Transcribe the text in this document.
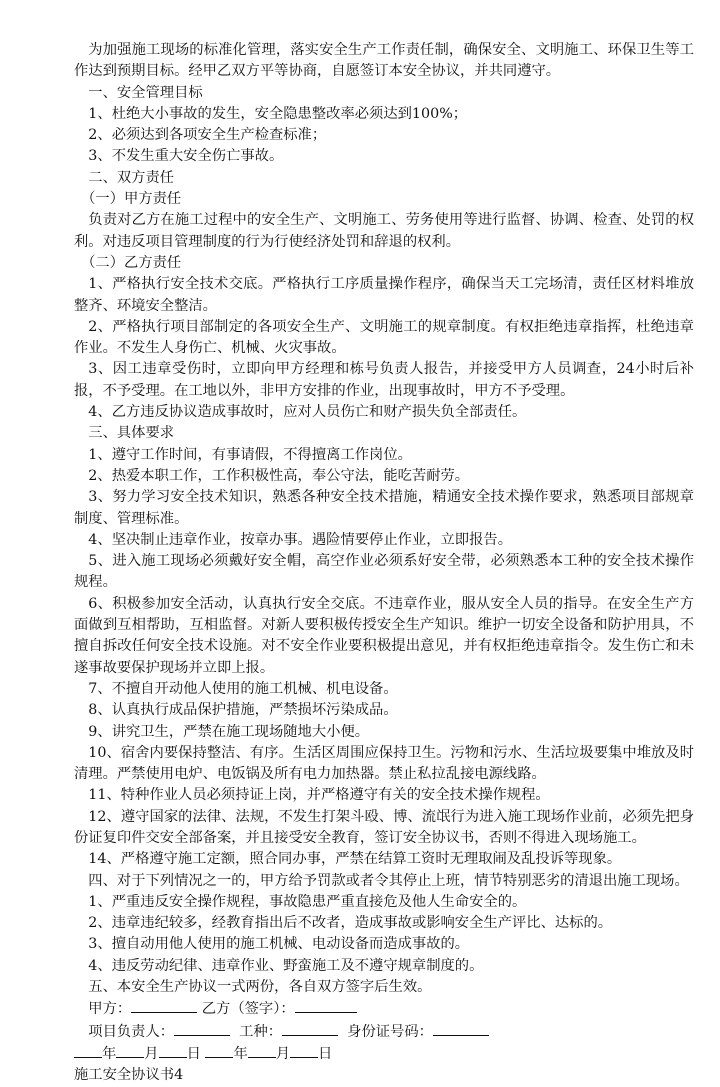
为加强施工现场的标准化管理，落实安全生产工作责任制，确保安全、文明施工、环保卫生等工作达到预期目标。经甲乙双方平等协商，自愿签订本安全协议，并共同遵守。

一、安全管理目标

1、杜绝大小事故的发生，安全隐患整改率必须达到100%；

2、必须达到各项安全生产检查标准；

3、不发生重大安全伤亡事故。

二、双方责任

（一）甲方责任

负责对乙方在施工过程中的安全生产、文明施工、劳务使用等进行监督、协调、检查、处罚的权利。对违反项目管理制度的行为行使经济处罚和辞退的权利。

（二）乙方责任

1、严格执行安全技术交底。严格执行工序质量操作程序，确保当天工完场清，责任区材料堆放整齐、环境安全整洁。

2、严格执行项目部制定的各项安全生产、文明施工的规章制度。有权拒绝违章指挥，杜绝违章作业。不发生人身伤亡、机械、火灾事故。

3、因工违章受伤时，立即向甲方经理和栋号负责人报告，并接受甲方人员调查，24小时后补报，不予受理。在工地以外，非甲方安排的作业，出现事故时，甲方不予受理。

4、乙方违反协议造成事故时，应对人员伤亡和财产损失负全部责任。

三、具体要求

1、遵守工作时间，有事请假，不得擅离工作岗位。

2、热爱本职工作，工作积极性高，奉公守法，能吃苦耐劳。

3、努力学习安全技术知识，熟悉各种安全技术措施，精通安全技术操作要求，熟悉项目部规章制度、管理标准。

4、坚决制止违章作业，按章办事。遇险情要停止作业，立即报告。

5、进入施工现场必须戴好安全帽，高空作业必须系好安全带，必须熟悉本工种的安全技术操作规程。

6、积极参加安全活动，认真执行安全交底。不违章作业，服从安全人员的指导。在安全生产方面做到互相帮助，互相监督。对新人要积极传授安全生产知识。维护一切安全设备和防护用具，不擅自拆改任何安全技术设施。对不安全作业要积极提出意见，并有权拒绝违章指令。发生伤亡和未遂事故要保护现场并立即上报。

7、不擅自开动他人使用的施工机械、机电设备。

8、认真执行成品保护措施，严禁损坏污染成品。

9、讲究卫生，严禁在施工现场随地大小便。

10、宿舍内要保持整洁、有序。生活区周围应保持卫生。污物和污水、生活垃圾要集中堆放及时清理。严禁使用电炉、电饭锅及所有电力加热器。禁止私拉乱接电源线路。

11、特种作业人员必须持证上岗，并严格遵守有关的安全技术操作规程。

12、遵守国家的法律、法规，不发生打架斗殴、博、流氓行为进入施工现场作业前，必须先把身份证复印件交安全部备案，并且接受安全教育，签订安全协议书，否则不得进入现场施工。

14、严格遵守施工定额，照合同办事，严禁在结算工资时无理取闹及乱投诉等现象。

四、对于下列情况之一的，甲方给予罚款或者令其停止上班，情节特别恶劣的清退出施工现场。

1、严重违反安全操作规程，事故隐患严重直接危及他人生命安全的。

2、违章违纪较多，经教育指出后不改者，造成事故或影响安全生产评比、达标的。

3、擅自动用他人使用的施工机械、电动设备而造成事故的。

4、违反劳动纪律、违章作业、野蛮施工及不遵守规章制度的。

五、本安全生产协议一式两份，各自双方签字后生效。

甲方：	乙方（签字）：

项目负责人：	工种：	身份证号码：

年 月 日 年 月 日

施工安全协议书4
